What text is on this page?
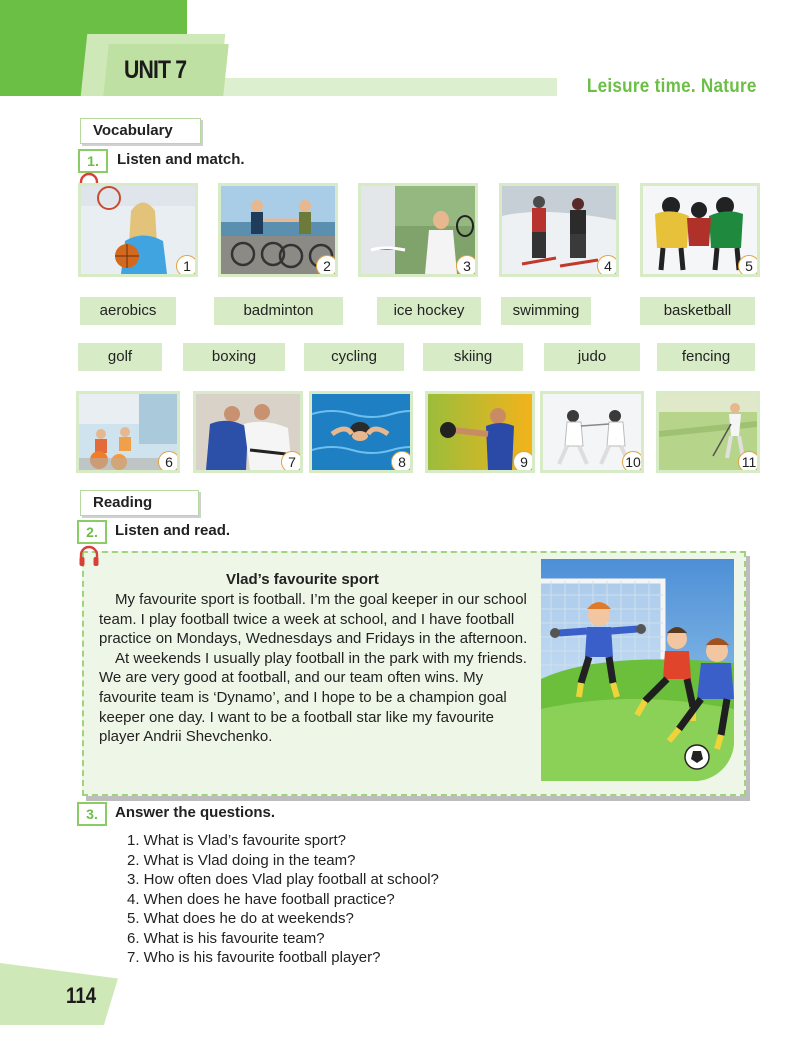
UNIT 7
Leisure time. Nature
Vocabulary
1.	Listen and match.
1	2	3	4	5
aerobics	badminton	ice hockey	swimming	basketball
golf	boxing	cycling	skiing	judo	fencing
6	7	8	9	10	11
Reading
2.	Listen and read.
Vlad’s favourite sport

My favourite sport is football. I’m the goal keeper in our school team. I play football twice a week at school, and I have football practice on Mondays, Wednesdays and Fridays in the afternoon.

At weekends I usually play football in the park with my friends. We are very good at football, and our team often wins. My favourite team is ‘Dynamo’, and I hope to be a champion goal keeper one day. I want to be a football star like my favourite player Andrii Shevchenko.

3.	Answer the questions.
1. What is Vlad’s favourite sport?
2. What is Vlad doing in the team?
3. How often does Vlad play football at school?
4. When does he have football practice?
5. What does he do at weekends?
6. What is his favourite team?
7. Who is his favourite football player?
114
